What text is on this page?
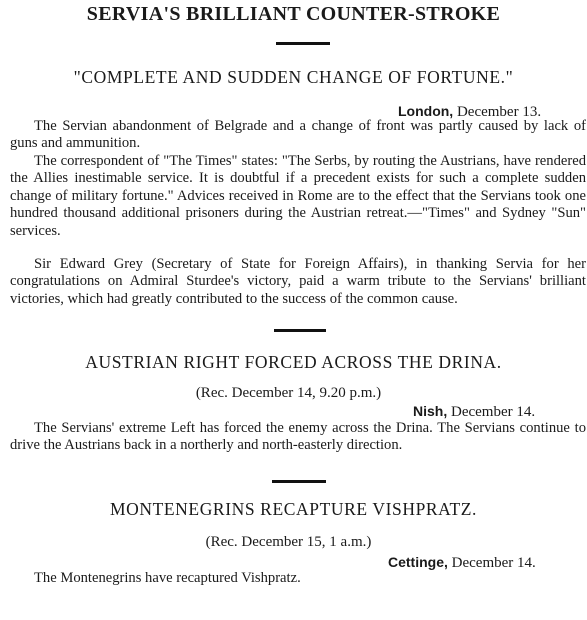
SERVIA'S BRILLIANT COUNTER-STROKE
"COMPLETE AND SUDDEN CHANGE OF FORTUNE."
London, December 13.
The Servian abandonment of Belgrade and a change of front was partly caused by lack of guns and ammunition.
The correspondent of "The Times" states: "The Serbs, by routing the Austrians, have rendered the Allies inestimable service. It is doubtful if a precedent exists for such a complete sudden change of military fortune." Advices received in Rome are to the effect that the Servians took one hundred thousand additional prisoners during the Austrian retreat.—"Times" and Sydney "Sun" services.
Sir Edward Grey (Secretary of State for Foreign Affairs), in thanking Servia for her congratulations on Admiral Sturdee's victory, paid a warm tribute to the Servians' brilliant victories, which had greatly contributed to the success of the common cause.
AUSTRIAN RIGHT FORCED ACROSS THE DRINA.
(Rec. December 14, 9.20 p.m.)
Nish, December 14.
The Servians' extreme Left has forced the enemy across the Drina. The Servians continue to drive the Austrians back in a northerly and north-easterly direction.
MONTENEGRINS RECAPTURE VISHPRATZ.
(Rec. December 15, 1 a.m.)
Cettinge, December 14.
The Montenegrins have recaptured Vishpratz.
